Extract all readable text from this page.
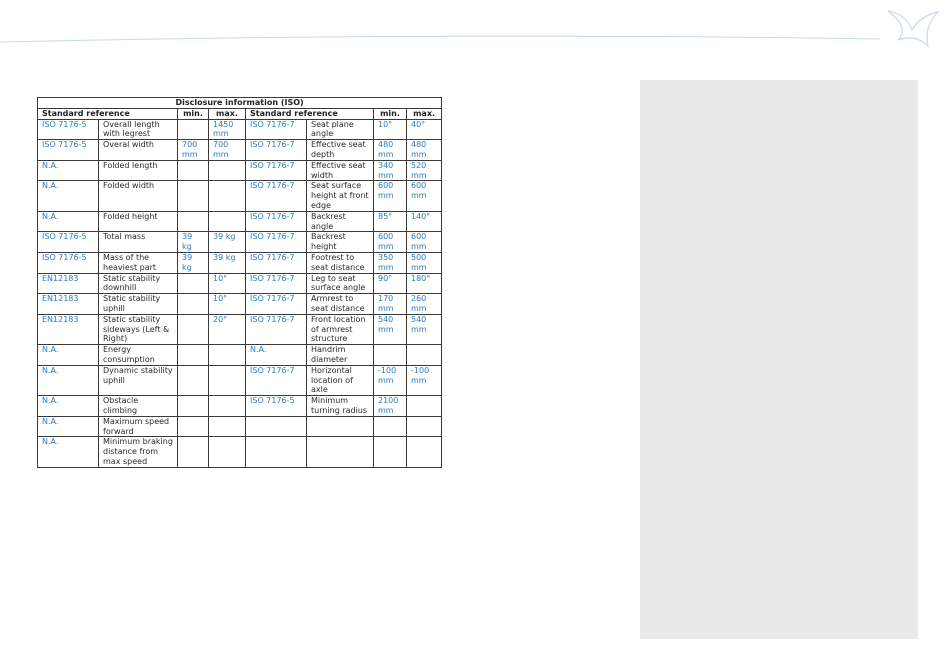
Disclosure information (ISO)							
Standard reference		min.	max.	Standard reference		min.	max.
ISO 7176-5	Overall length with legrest		1450 mm	ISO 7176-7	Seat plane angle	10°	40°
ISO 7176-5	Overal width	700 mm	700 mm	ISO 7176-7	Effective seat depth	480 mm	480 mm
N.A.	Folded length			ISO 7176-7	Effective seat width	340 mm	520 mm
N.A.	Folded width			ISO 7176-7	Seat surface height at front edge	600 mm	600 mm
N.A.	Folded height			ISO 7176-7	Backrest angle	85°	140°
ISO 7176-5	Total mass	39 kg	39 kg	ISO 7176-7	Backrest height	600 mm	600 mm
ISO 7176-5	Mass of the heaviest part	39 kg	39 kg	ISO 7176-7	Footrest to seat distance	350 mm	500 mm
EN12183	Static stability downhill		10°	ISO 7176-7	Leg to seat surface angle	90°	180°
EN12183	Static stability uphill		10°	ISO 7176-7	Armrest to seat distance	170 mm	260 mm
EN12183	Static stability sideways (Left & Right)		20°	ISO 7176-7	Front location of armrest structure	540 mm	540 mm
N.A.	Energy consumption			N.A.	Handrim diameter		
N.A.	Dynamic stability uphill			ISO 7176-7	Horizontal location of axle	-100 mm	-100 mm
N.A.	Obstacle climbing			ISO 7176-5	Minimum turning radius	2100 mm	
N.A.	Maximum speed forward						
N.A.	Minimum braking distance from max speed						
